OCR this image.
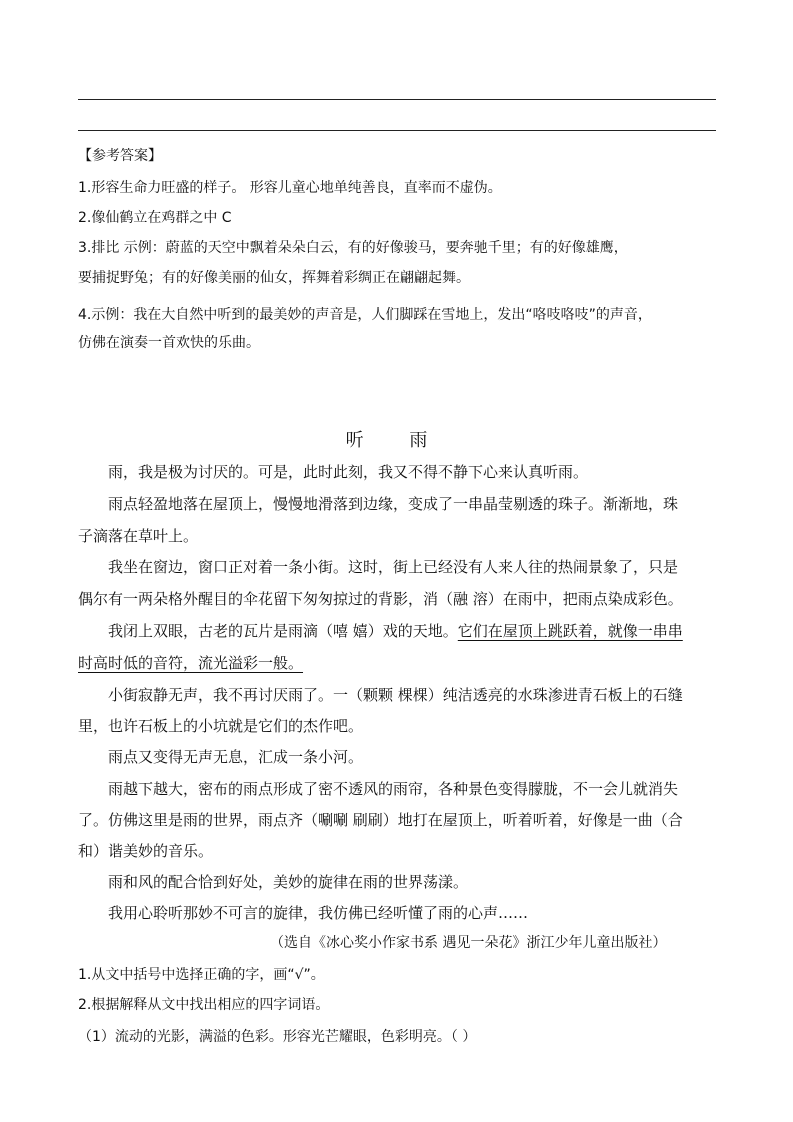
【参考答案】
1.形容生命力旺盛的样子。 形容儿童心地单纯善良，直率而不虚伪。
2.像仙鹤立在鸡群之中 C
3.排比 示例：蔚蓝的天空中飘着朵朵白云，有的好像骏马，要奔驰千里；有的好像雄鹰，
要捕捉野兔；有的好像美丽的仙女，挥舞着彩绸正在翩翩起舞。
4.示例：我在大自然中听到的最美妙的声音是，人们脚踩在雪地上，发出“咯吱咯吱”的声音，
仿佛在演奏一首欢快的乐曲。
听 雨
雨，我是极为讨厌的。可是，此时此刻，我又不得不静下心来认真听雨。
雨点轻盈地落在屋顶上，慢慢地滑落到边缘，变成了一串晶莹剔透的珠子。渐渐地，珠
子滴落在草叶上。
我坐在窗边，窗口正对着一条小街。这时，街上已经没有人来人往的热闹景象了，只是
偶尔有一两朵格外醒目的伞花留下匆匆掠过的背影，消（融 溶）在雨中，把雨点染成彩色。
我闭上双眼，古老的瓦片是雨滴（嘻 嬉）戏的天地。它们在屋顶上跳跃着，就像一串串
时高时低的音符，流光溢彩一般。
小街寂静无声，我不再讨厌雨了。一（颗颗 棵棵）纯洁透亮的水珠渗进青石板上的石缝
里，也许石板上的小坑就是它们的杰作吧。
雨点又变得无声无息，汇成一条小河。
雨越下越大，密布的雨点形成了密不透风的雨帘，各种景色变得朦胧，不一会儿就消失
了。仿佛这里是雨的世界，雨点齐（唰唰 刷刷）地打在屋顶上，听着听着，好像是一曲（合
和）谐美妙的音乐。
雨和风的配合恰到好处，美妙的旋律在雨的世界荡漾。
我用心聆听那妙不可言的旋律，我仿佛已经听懂了雨的心声……
（选自《冰心奖小作家书系 遇见一朵花》浙江少年儿童出版社）
1.从文中括号中选择正确的字，画“√”。
2.根据解释从文中找出相应的四字词语。
（1）流动的光影，满溢的色彩。形容光芒耀眼，色彩明亮。（ ）
